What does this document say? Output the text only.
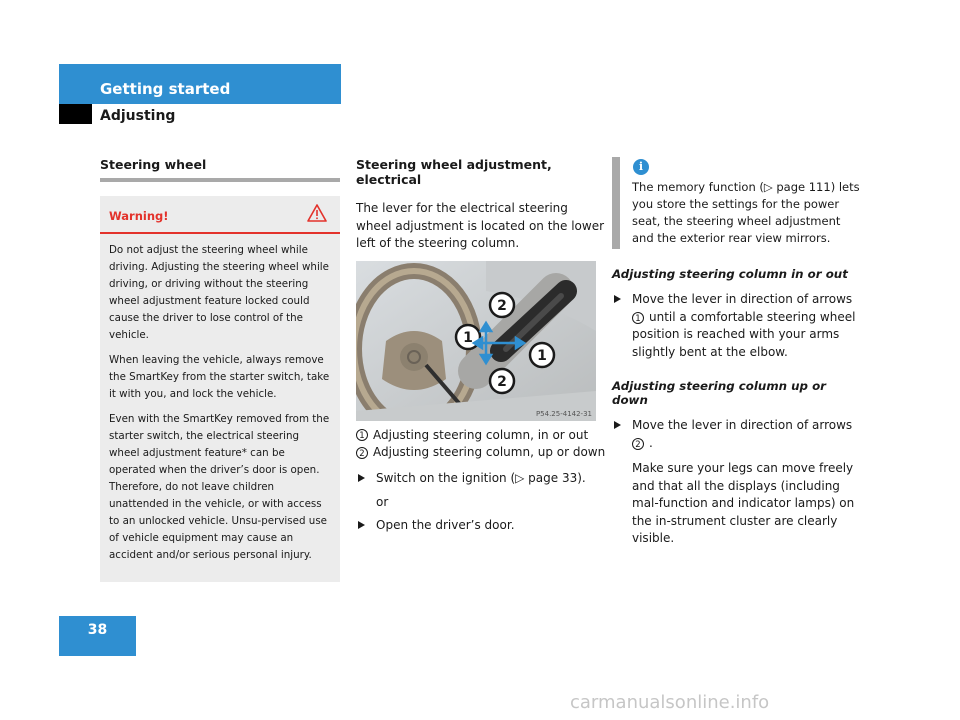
Getting started
Adjusting
Steering wheel
Warning!

Do not adjust the steering wheel while driving. Adjusting the steering wheel while driving, or driving without the steering wheel adjustment feature locked could cause the driver to lose control of the vehicle.

When leaving the vehicle, always remove the SmartKey from the starter switch, take it with you, and lock the vehicle.

Even with the SmartKey removed from the starter switch, the electrical steering wheel adjustment feature* can be operated when the driver’s door is open. Therefore, do not leave children unattended in the vehicle, or with access to an unlocked vehicle. Unsu-pervised use of vehicle equipment may cause an accident and/or serious personal injury.

Steering wheel adjustment, electrical
The lever for the electrical steering wheel adjustment is located on the lower left of the steering column.
2
1
1
2
P54.25-4142-31
1 Adjusting steering column, in or out
2 Adjusting steering column, up or down
Switch on the ignition (▷ page 33).
or
Open the driver’s door.
i
The memory function (▷ page 111) lets you store the settings for the power seat, the steering wheel adjustment and the exterior rear view mirrors.
Adjusting steering column in or out
Move the lever in direction of arrows 1 until a comfortable steering wheel position is reached with your arms slightly bent at the elbow.
Adjusting steering column up or down
Move the lever in direction of arrows 2 .
Make sure your legs can move freely and that all the displays (including mal-function and indicator lamps) on the in-strument cluster are clearly visible.
38
carmanualsonline.info
